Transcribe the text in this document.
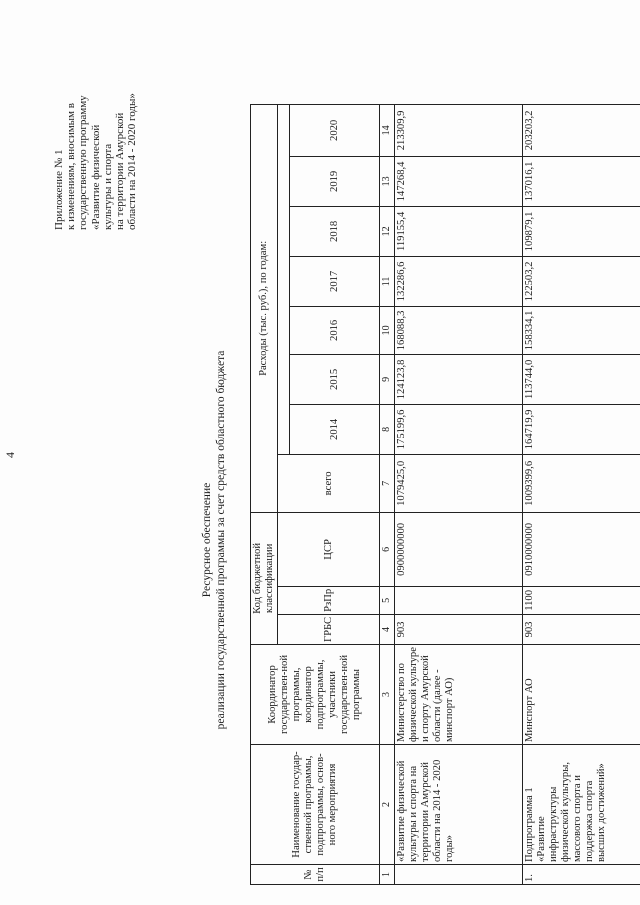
4
Приложение № 1 к изменениям, вносимым в государственную программу «Развитие физической культуры и спорта на территории Амурской области на 2014 - 2020 годы»
Ресурсное обеспечение реализации государственной программы за счет средств областного бюджета
№ п/п	Наименование государ-ственной программы, подпрограммы, основ-ного мероприятия	Координатор государствен-ной программы, координатор подпрограммы, участники государствен-ной программы	Код бюджетной классификации			Расходы (тыс. руб.), по годам:							
			ГРБС	РзПр	ЦСР	всего							
							2014	2015	2016	2017	2018	2019	2020
1	2	3	4	5	6	7	8	9	10	11	12	13	14
	«Развитие физической культуры и спорта на территории Амурской области на 2014 - 2020 годы»	Министерство по физической культуре и спорту Амурской области (далее - минспорт АО)	903		0900000000	1079425,0	175199,6	124123,8	168088,3	132286,6	119155,4	147268,4	213309,9
1.	Подпрограмма 1 «Развитие инфраструктуры физической культуры, массового спорта и поддержка спорта высших достижений»	Минспорт АО	903	1100	0910000000	1009399,6	164719,9	113744,0	158334,1	122503,2	109879,1	137016,1	203203,2
